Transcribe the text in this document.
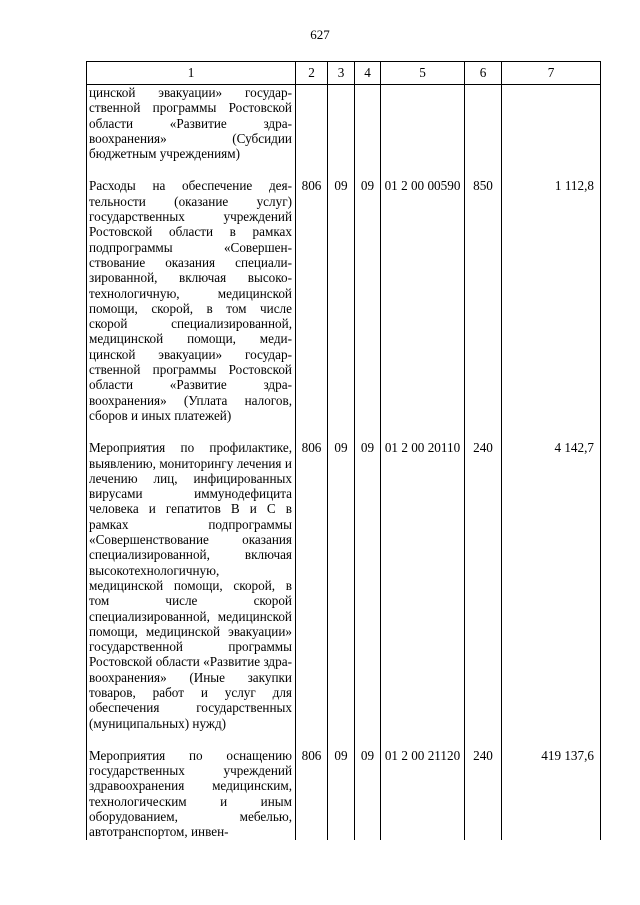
627
1	2	3	4	5	6	7
цинской эвакуации» государственной программы Ростовской области «Развитие здравоохранения» (Субсидии бюджетным учреждениям)						
Расходы на обеспечение деятельности (оказание услуг) государственных учреждений Ростовской области в рамках подпрограммы «Совершенствование оказания специализированной, включая высокотехнологичную, медицинской помощи, скорой, в том числе скорой специализированной, медицинской помощи, медицинской эвакуации» государственной программы Ростовской области «Развитие здравоохранения» (Уплата налогов, сборов и иных платежей)	806	09	09	01 2 00 00590	850	1 112,8
Мероприятия по профилактике, выявлению, мониторингу лечения и лечению лиц, инфицированных вирусами иммунодефицита человека и гепатитов В и С в рамках подпрограммы «Совершенствование оказания специализированной, включая высокотехнологичную, медицинской помощи, скорой, в том числе скорой специализированной, медицинской помощи, медицинской эвакуации» государственной программы Ростовской области «Развитие здравоохранения» (Иные закупки товаров, работ и услуг для обеспечения государственных (муниципальных) нужд)	806	09	09	01 2 00 20110	240	4 142,7
Мероприятия по оснащению государственных учреждений здравоохранения медицинским, технологическим и иным оборудованием, мебелью, автотранспортом, инвен-	806	09	09	01 2 00 21120	240	419 137,6
